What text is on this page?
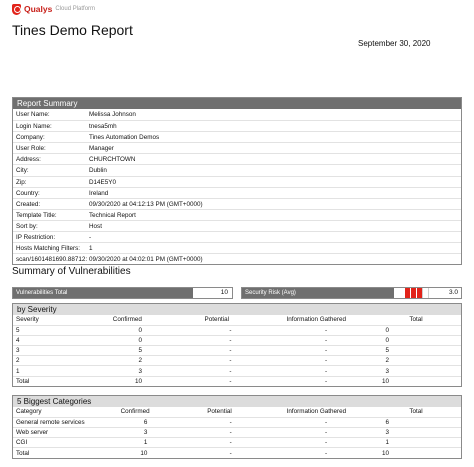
Qualys Cloud Platform
Tines Demo Report
September 30, 2020
Report Summary
User Name:	Melissa Johnson
Login Name:	tnesa5mh
Company:	Tines Automation Demos
User Role:	Manager
Address:	CHURCHTOWN
City:	Dublin
Zip:	D14E5Y0
Country:	Ireland
Created:	09/30/2020 at 04:12:13 PM (GMT+0000)
Template Title:	Technical Report
Sort by:	Host
IP Restriction:	-
Hosts Matching Filters:	1
scan/1601481690.88712: 09/30/2020 at 04:02:01 PM (GMT+0000)
Summary of Vulnerabilities
Vulnerabilities Total	10	Security Risk (Avg)	3.0
by Severity
Severity	Confirmed	Potential	Information Gathered	Total
5	0	-	-	0
4	0	-	-	0
3	5	-	-	5
2	2	-	-	2
1	3	-	-	3
Total	10	-	-	10
5 Biggest Categories
Category	Confirmed	Potential	Information Gathered	Total
General remote services	6	-	-	6
Web server	3	-	-	3
CGI	1	-	-	1
Total	10	-	-	10
